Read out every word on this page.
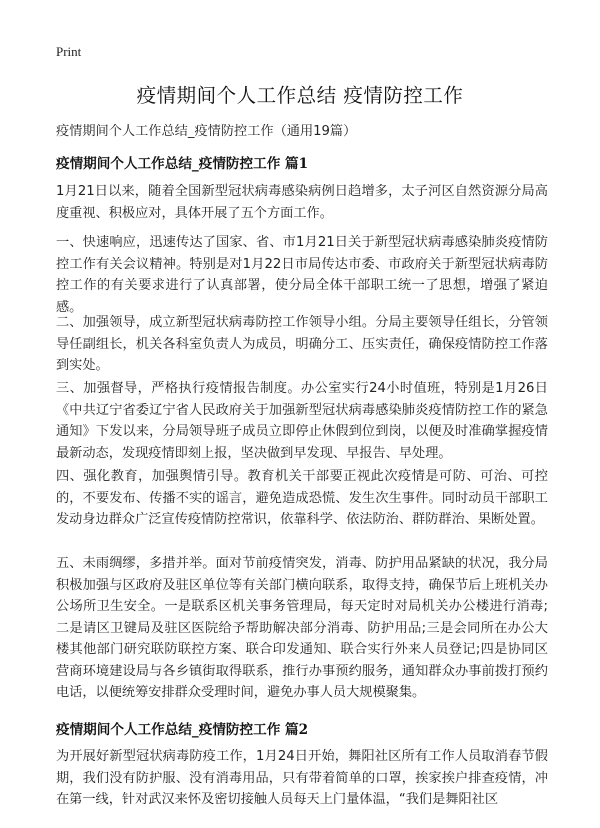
Print
疫情期间个人工作总结 疫情防控工作

疫情期间个人工作总结_疫情防控工作（通用19篇）

疫情期间个人工作总结_疫情防控工作 篇1

1月21日以来，随着全国新型冠状病毒感染病例日趋增多，太子河区自然资源分局高度重视、积极应对，具体开展了五个方面工作。

一、快速响应，迅速传达了国家、省、市1月21日关于新型冠状病毒感染肺炎疫情防控工作有关会议精神。特别是对1月22日市局传达市委、市政府关于新型冠状病毒防控工作的有关要求进行了认真部署，使分局全体干部职工统一了思想，增强了紧迫感。

二、加强领导，成立新型冠状病毒防控工作领导小组。分局主要领导任组长，分管领导任副组长，机关各科室负责人为成员，明确分工、压实责任，确保疫情防控工作落到实处。

三、加强督导，严格执行疫情报告制度。办公室实行24小时值班，特别是1月26日《中共辽宁省委辽宁省人民政府关于加强新型冠状病毒感染肺炎疫情防控工作的紧急通知》下发以来，分局领导班子成员立即停止休假到位到岗，以便及时准确掌握疫情最新动态，发现疫情即刻上报，坚决做到早发现、早报告、早处理。

四、强化教育，加强舆情引导。教育机关干部要正视此次疫情是可防、可治、可控的，不要发布、传播不实的谣言，避免造成恐慌、发生次生事件。同时动员干部职工发动身边群众广泛宣传疫情防控常识，依靠科学、依法防治、群防群治、果断处置。

五、未雨绸缪，多措并举。面对节前疫情突发，消毒、防护用品紧缺的状况，我分局积极加强与区政府及驻区单位等有关部门横向联系，取得支持，确保节后上班机关办公场所卫生安全。一是联系区机关事务管理局，每天定时对局机关办公楼进行消毒;二是请区卫键局及驻区医院给予帮助解决部分消毒、防护用品;三是会同所在办公大楼其他部门研究联防联控方案、联合印发通知、联合实行外来人员登记;四是协同区营商环境建设局与各乡镇街取得联系，推行办事预约服务，通知群众办事前拨打预约电话，以便统筹安排群众受理时间，避免办事人员大规模聚集。

疫情期间个人工作总结_疫情防控工作 篇2

为开展好新型冠状病毒防疫工作，1月24日开始，舞阳社区所有工作人员取消春节假期，我们没有防护服、没有消毒用品，只有带着简单的口罩，挨家挨户排查疫情，冲在第一线，针对武汉来怀及密切接触人员每天上门量体温，“我们是舞阳社区
